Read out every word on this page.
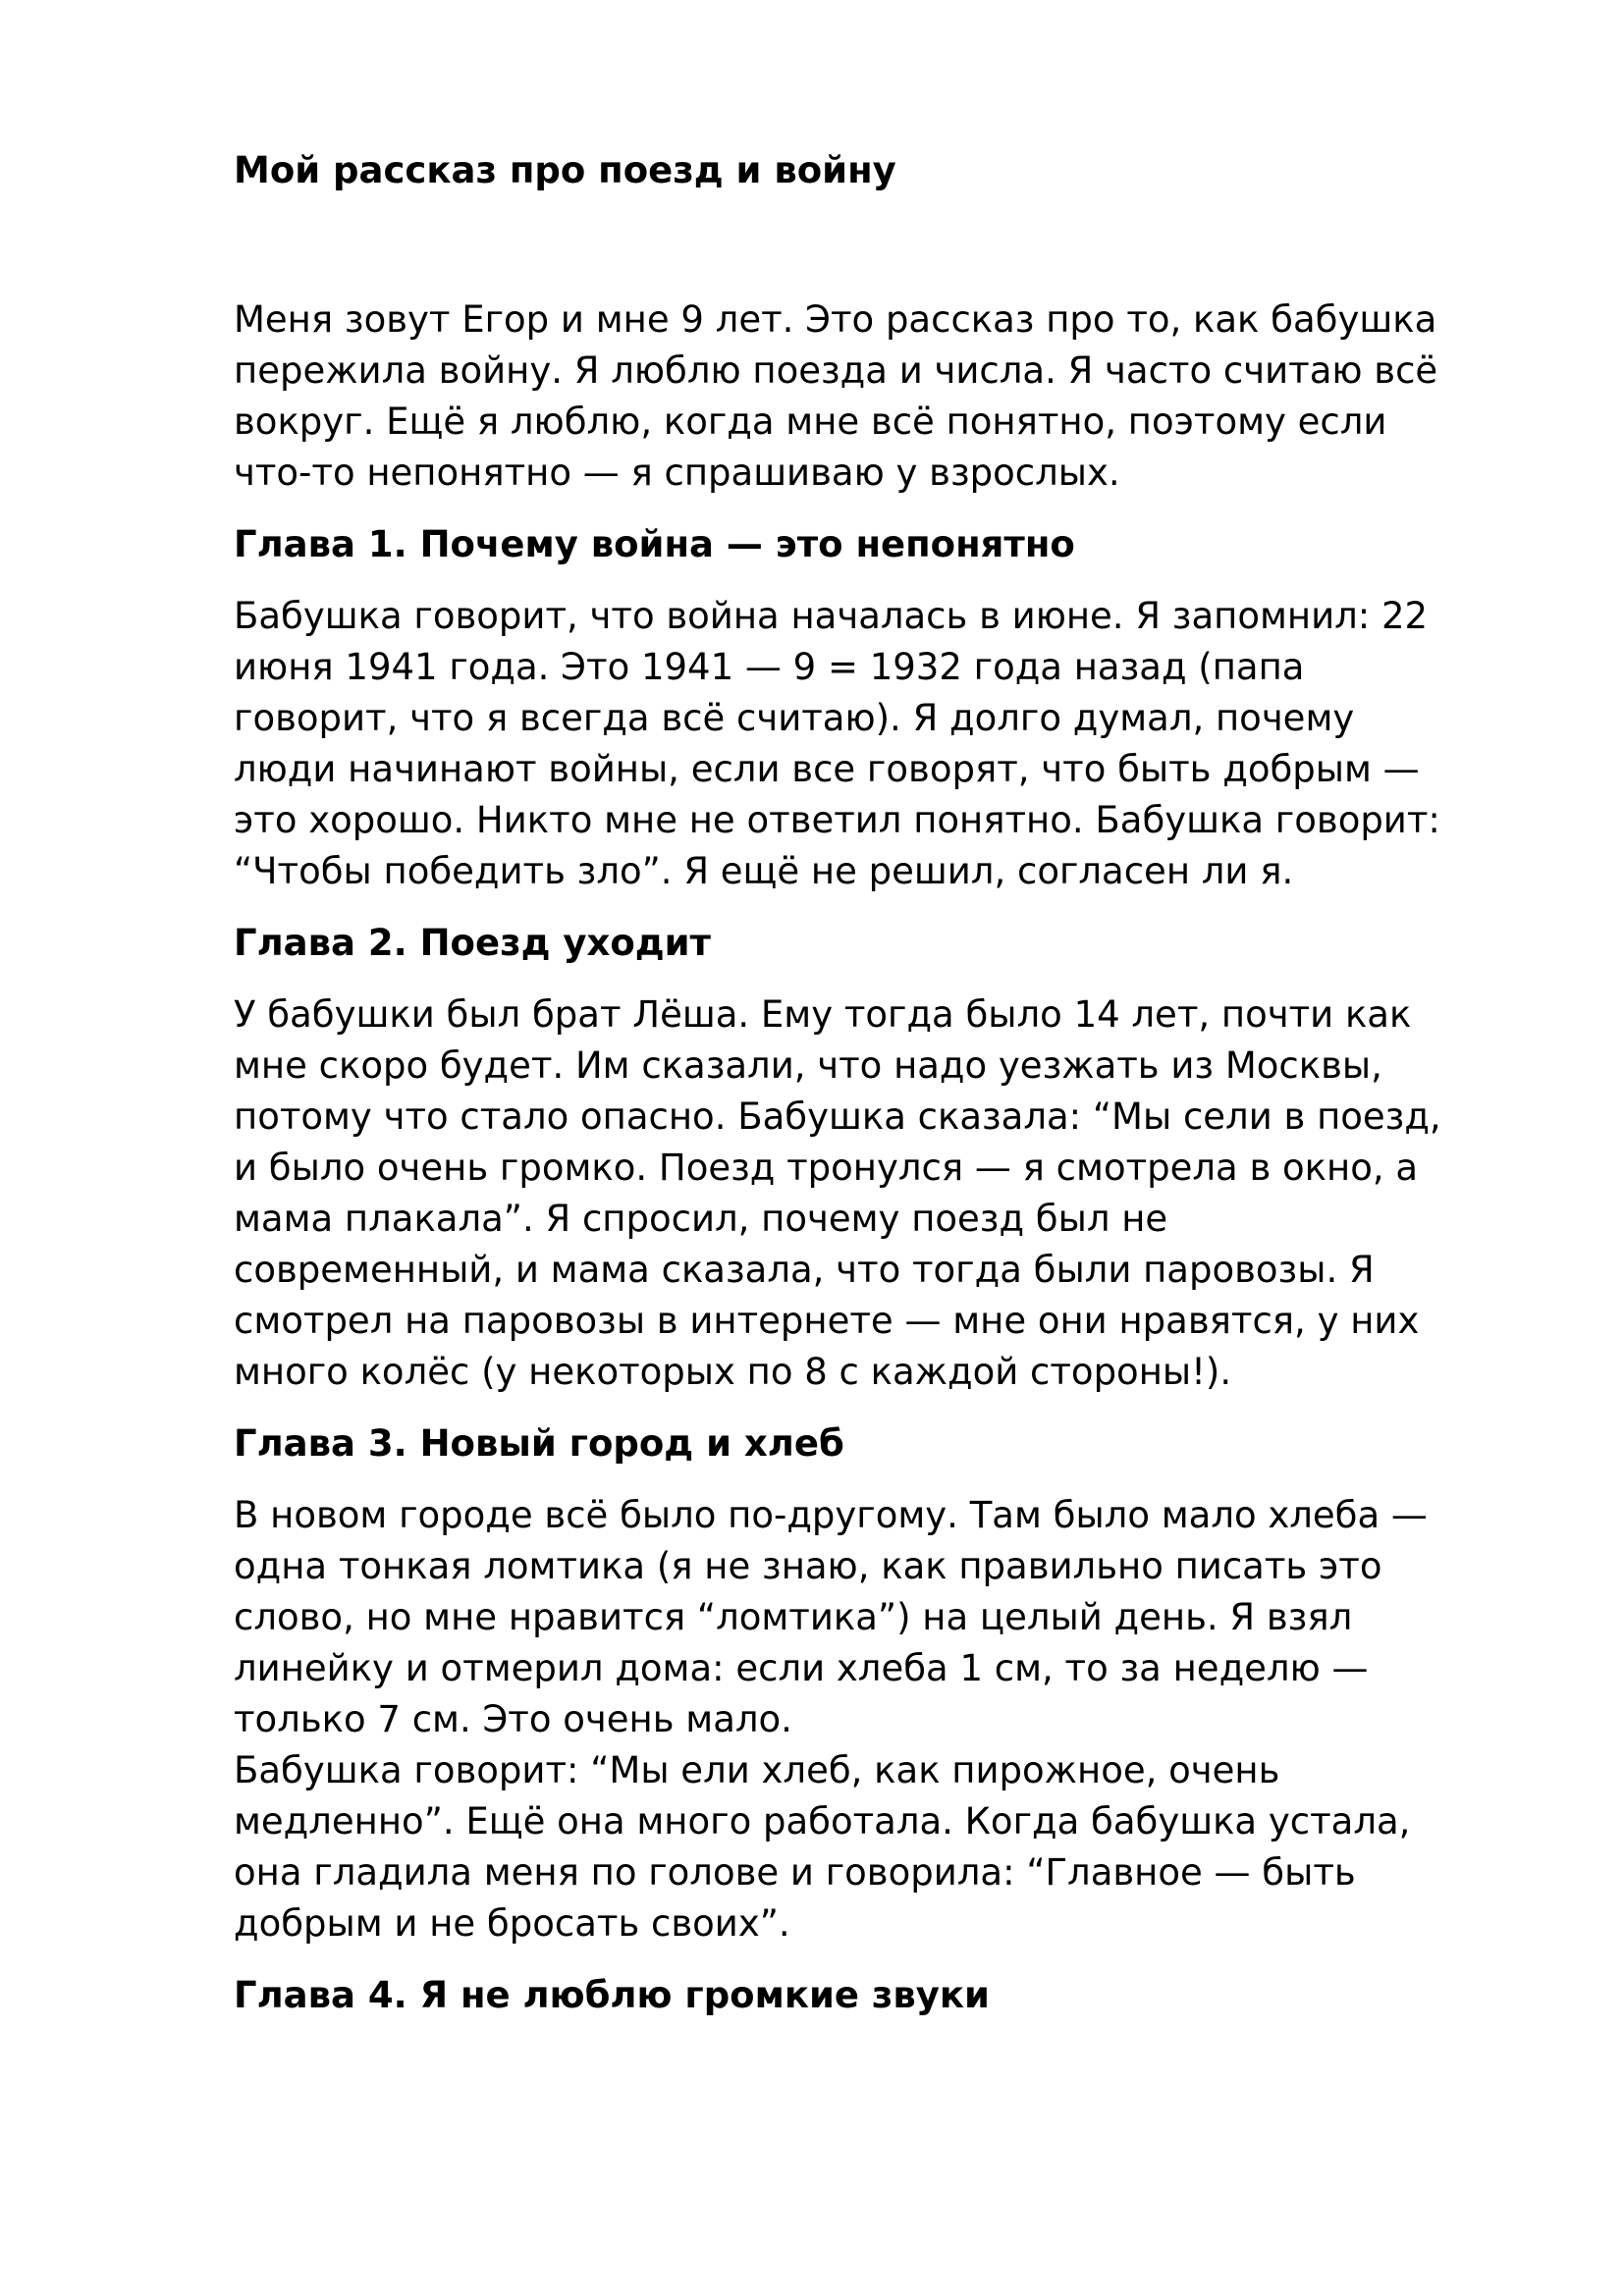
Мой рассказ про поезд и войну

Меня зовут Егор и мне 9 лет. Это рассказ про то, как бабушка

пережила войну. Я люблю поезда и числа. Я часто считаю всё

вокруг. Ещё я люблю, когда мне всё понятно, поэтому если

что-то непонятно — я спрашиваю у взрослых.

Глава 1. Почему война — это непонятно

Бабушка говорит, что война началась в июне. Я запомнил: 22

июня 1941 года. Это 1941 — 9 = 1932 года назад (папа

говорит, что я всегда всё считаю). Я долго думал, почему

люди начинают войны, если все говорят, что быть добрым —

это хорошо. Никто мне не ответил понятно. Бабушка говорит:

“Чтобы победить зло”. Я ещё не решил, согласен ли я.

Глава 2. Поезд уходит

У бабушки был брат Лёша. Ему тогда было 14 лет, почти как

мне скоро будет. Им сказали, что надо уезжать из Москвы,

потому что стало опасно. Бабушка сказала: “Мы сели в поезд,

и было очень громко. Поезд тронулся — я смотрела в окно, а

мама плакала”. Я спросил, почему поезд был не

современный, и мама сказала, что тогда были паровозы. Я

смотрел на паровозы в интернете — мне они нравятся, у них

много колёс (у некоторых по 8 с каждой стороны!).

Глава 3. Новый город и хлеб

В новом городе всё было по-другому. Там было мало хлеба —

одна тонкая ломтика (я не знаю, как правильно писать это

слово, но мне нравится “ломтика”) на целый день. Я взял

линейку и отмерил дома: если хлеба 1 см, то за неделю —

только 7 см. Это очень мало.

Бабушка говорит: “Мы ели хлеб, как пирожное, очень

медленно”. Ещё она много работала. Когда бабушка устала,

она гладила меня по голове и говорила: “Главное — быть

добрым и не бросать своих”.

Глава 4. Я не люблю громкие звуки
